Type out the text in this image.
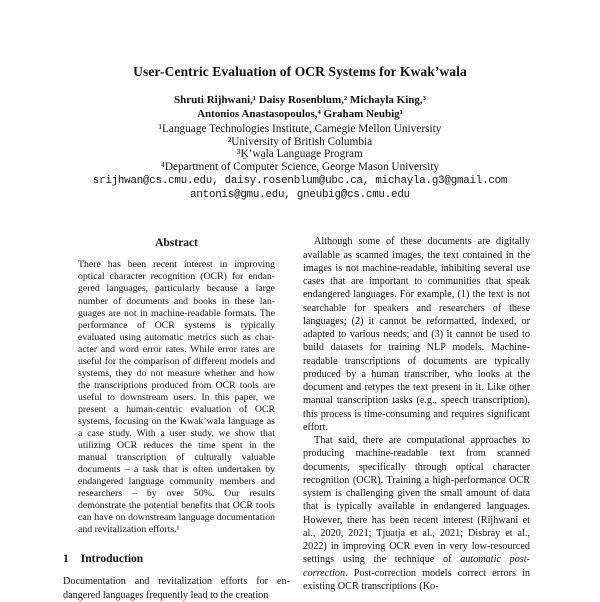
User-Centric Evaluation of OCR Systems for Kwak’wala
Shruti Rijhwani,¹ Daisy Rosenblum,² Michayla King,³
Antonios Anastasopoulos,⁴ Graham Neubig¹
¹Language Technologies Institute, Carnegie Mellon University
²University of British Columbia
³Ḵ’wa̱la Language Program
⁴Department of Computer Science, George Mason University
srijhwan@cs.cmu.edu, daisy.rosenblum@ubc.ca, michayla.g3@gmail.com
antonis@gmu.edu, gneubig@cs.cmu.edu
Abstract

There has been recent interest in improving optical character recognition (OCR) for endangered languages, particularly because a large number of documents and books in these languages are not in machine-readable formats. The performance of OCR systems is typically evaluated using automatic metrics such as character and word error rates. While error rates are useful for the comparison of different models and systems, they do not measure whether and how the transcriptions produced from OCR tools are useful to downstream users. In this paper, we present a human-centric evaluation of OCR systems, focusing on the Kwak’wala language as a case study. With a user study, we show that utilizing OCR reduces the time spent in the manual transcription of culturally valuable documents – a task that is often undertaken by endangered language community members and researchers – by over 50%. Our results demonstrate the potential benefits that OCR tools can have on downstream language documentation and revitalization efforts.¹

1 Introduction

Documentation and revitalization efforts for endangered languages frequently lead to the creation

Although some of these documents are digitally available as scanned images, the text contained in the images is not machine-readable, inhibiting several use cases that are important to communities that speak endangered languages. For example, (1) the text is not searchable for speakers and researchers of these languages; (2) it cannot be reformatted, indexed, or adapted to various needs; and (3) it cannot be used to build datasets for training NLP models. Machine-readable transcriptions of documents are typically produced by a human transcriber, who looks at the document and retypes the text present in it. Like other manual transcription tasks (e.g., speech transcription), this process is time-consuming and requires significant effort.

That said, there are computational approaches to producing machine-readable text from scanned documents, specifically through optical character recognition (OCR). Training a high-performance OCR system is challenging given the small amount of data that is typically available in endangered languages. However, there has been recent interest (Rijhwani et al., 2020, 2021; Tjuatja et al., 2021; Disbray et al., 2022) in improving OCR even in very low-resourced settings using the technique of automatic post-correction. Post-correction models correct errors in existing OCR transcriptions (Ko-
